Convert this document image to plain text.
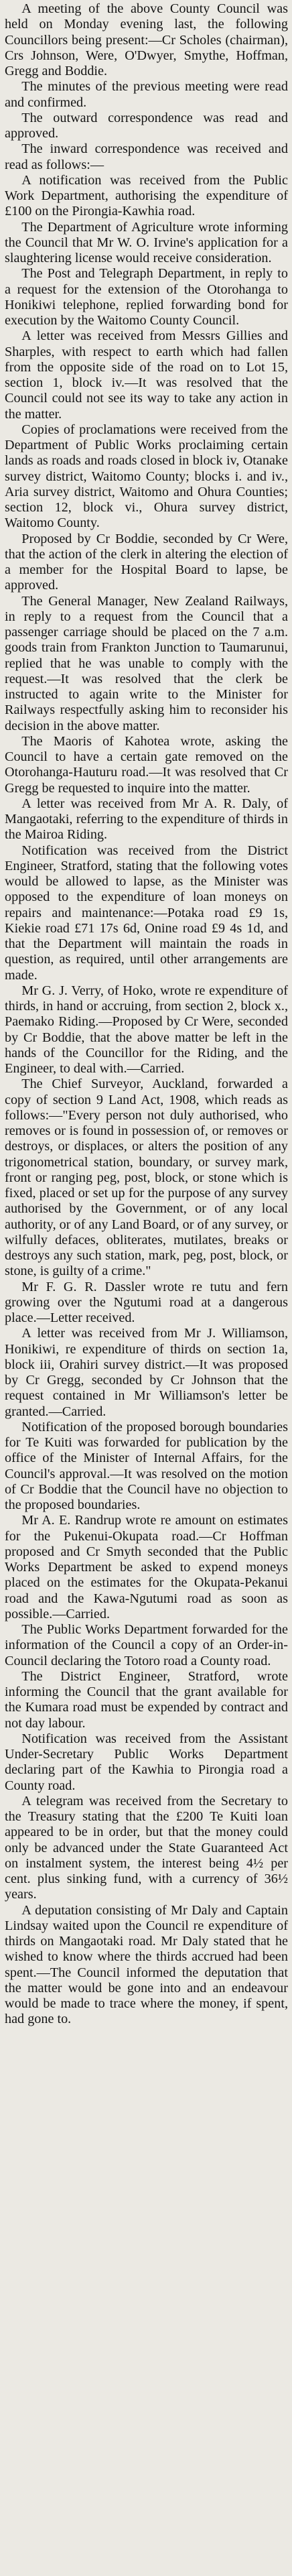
A meeting of the above County Council was held on Monday evening last, the following Councillors being present:—Cr Scholes (chairman), Crs Johnson, Were, O'Dwyer, Smythe, Hoffman, Gregg and Boddie.

The minutes of the previous meeting were read and confirmed.

The outward correspondence was read and approved.

The inward correspondence was received and read as follows:—

A notification was received from the Public Work Department, authorising the expenditure of £100 on the Pirongia-Kawhia road.

The Department of Agriculture wrote informing the Council that Mr W. O. Irvine's application for a slaughtering license would receive consideration.

The Post and Telegraph Department, in reply to a request for the extension of the Otorohanga to Honikiwi telephone, replied forwarding bond for execution by the Waitomo County Council.

A letter was received from Messrs Gillies and Sharples, with respect to earth which had fallen from the opposite side of the road on to Lot 15, section 1, block iv.—It was resolved that the Council could not see its way to take any action in the matter.

Copies of proclamations were received from the Department of Public Works proclaiming certain lands as roads and roads closed in block iv, Otanake survey district, Waitomo County; blocks i. and iv., Aria survey district, Waitomo and Ohura Counties; section 12, block vi., Ohura survey district, Waitomo County.

Proposed by Cr Boddie, seconded by Cr Were, that the action of the clerk in altering the election of a member for the Hospital Board to lapse, be approved.

The General Manager, New Zealand Railways, in reply to a request from the Council that a passenger carriage should be placed on the 7 a.m. goods train from Frankton Junction to Taumarunui, replied that he was unable to comply with the request.—It was resolved that the clerk be instructed to again write to the Minister for Railways respectfully asking him to reconsider his decision in the above matter.

The Maoris of Kahotea wrote, asking the Council to have a certain gate removed on the Otorohanga-Hauturu road.—It was resolved that Cr Gregg be requested to inquire into the matter.

A letter was received from Mr A. R. Daly, of Mangaotaki, referring to the expenditure of thirds in the Mairoa Riding.

Notification was received from the District Engineer, Stratford, stating that the following votes would be allowed to lapse, as the Minister was opposed to the expenditure of loan moneys on repairs and maintenance:—Potaka road £9 1s, Kiekie road £71 17s 6d, Onine road £9 4s 1d, and that the Department will maintain the roads in question, as required, until other arrangements are made.

Mr G. J. Verry, of Hoko, wrote re expenditure of thirds, in hand or accruing, from section 2, block x., Paemako Riding.—Proposed by Cr Were, seconded by Cr Boddie, that the above matter be left in the hands of the Councillor for the Riding, and the Engineer, to deal with.—Carried.

The Chief Surveyor, Auckland, forwarded a copy of section 9 Land Act, 1908, which reads as follows:—"Every person not duly authorised, who removes or is found in possession of, or removes or destroys, or displaces, or alters the position of any trigonometrical station, boundary, or survey mark, front or ranging peg, post, block, or stone which is fixed, placed or set up for the purpose of any survey authorised by the Government, or of any local authority, or of any Land Board, or of any survey, or wilfully defaces, obliterates, mutilates, breaks or destroys any such station, mark, peg, post, block, or stone, is guilty of a crime."

Mr F. G. R. Dassler wrote re tutu and fern growing over the Ngutumi road at a dangerous place.—Letter received.

A letter was received from Mr J. Williamson, Honikiwi, re expenditure of thirds on section 1a, block iii, Orahiri survey district.—It was proposed by Cr Gregg, seconded by Cr Johnson that the request contained in Mr Williamson's letter be granted.—Carried.

Notification of the proposed borough boundaries for Te Kuiti was forwarded for publication by the office of the Minister of Internal Affairs, for the Council's approval.—It was resolved on the motion of Cr Boddie that the Council have no objection to the proposed boundaries.

Mr A. E. Randrup wrote re amount on estimates for the Pukenui-Okupata road.—Cr Hoffman proposed and Cr Smyth seconded that the Public Works Department be asked to expend moneys placed on the estimates for the Okupata-Pekanui road and the Kawa-Ngutumi road as soon as possible.—Carried.

The Public Works Department forwarded for the information of the Council a copy of an Order-in-Council declaring the Totoro road a County road.

The District Engineer, Stratford, wrote informing the Council that the grant available for the Kumara road must be expended by contract and not day labour.

Notification was received from the Assistant Under-Secretary Public Works Department declaring part of the Kawhia to Pirongia road a County road.

A telegram was received from the Secretary to the Treasury stating that the £200 Te Kuiti loan appeared to be in order, but that the money could only be advanced under the State Guaranteed Act on instalment system, the interest being 4½ per cent. plus sinking fund, with a currency of 36½ years.

A deputation consisting of Mr Daly and Captain Lindsay waited upon the Council re expenditure of thirds on Mangaotaki road. Mr Daly stated that he wished to know where the thirds accrued had been spent.—The Council informed the deputation that the matter would be gone into and an endeavour would be made to trace where the money, if spent, had gone to.
